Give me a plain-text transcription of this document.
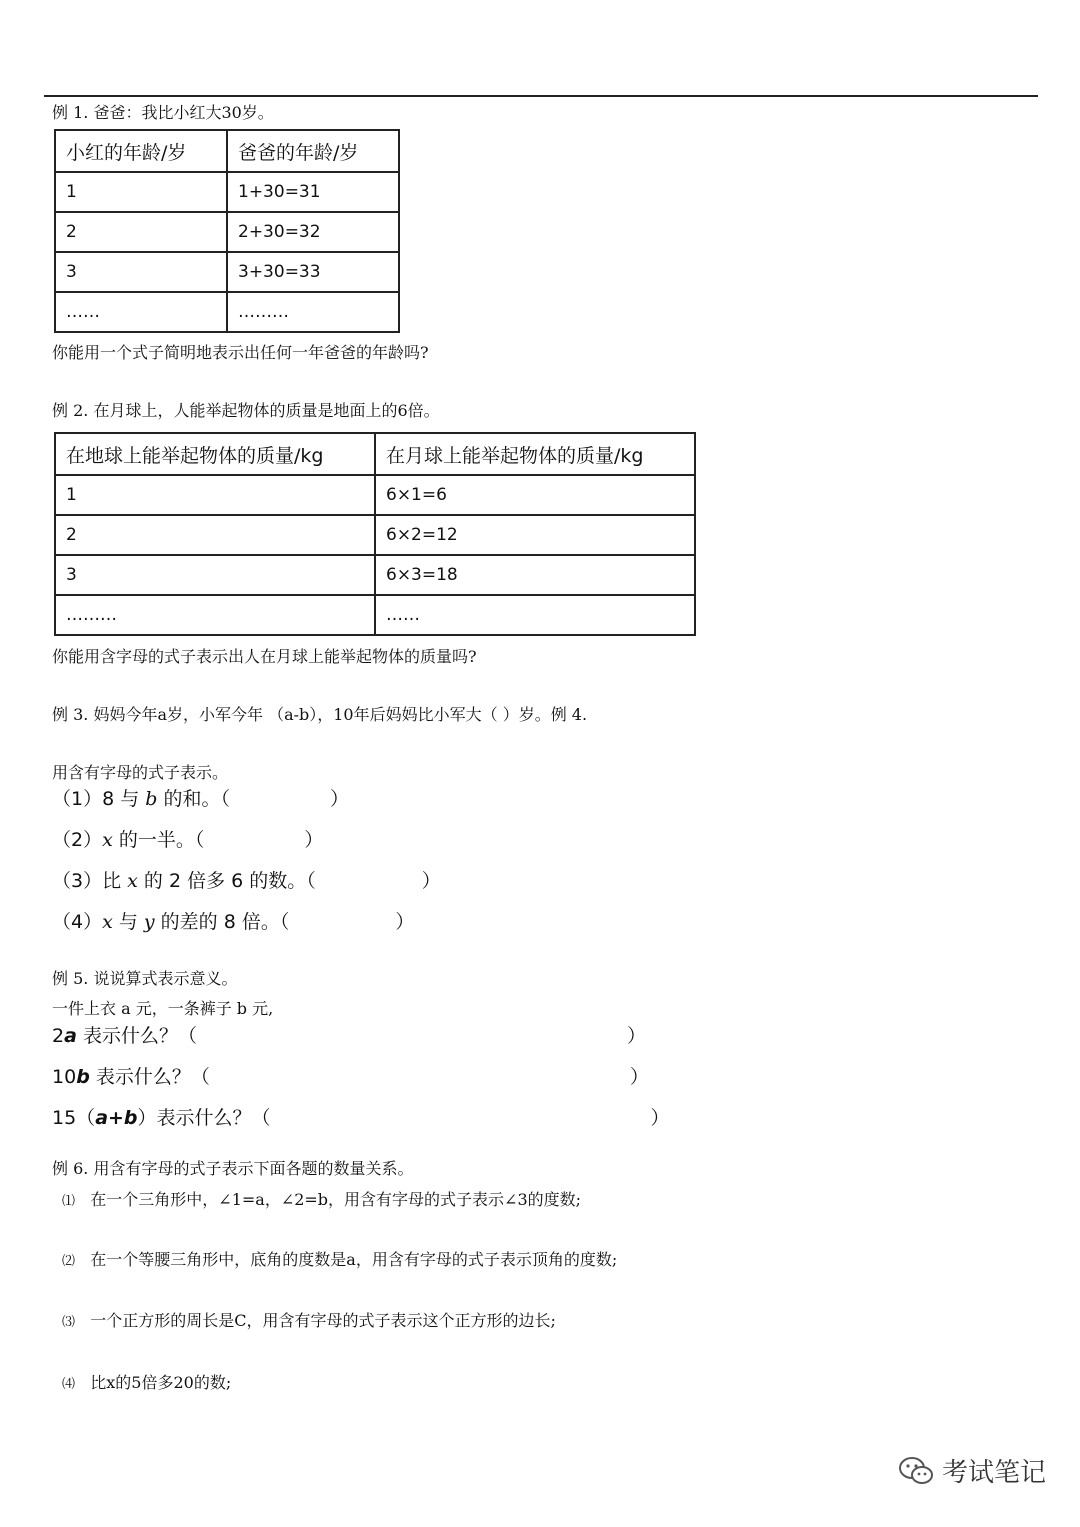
例 1. 爸爸：我比小红大30岁。
小红的年龄/岁	爸爸的年龄/岁
1	1+30=31
2	2+30=32
3	3+30=33
……	………
你能用一个式子简明地表示出任何一年爸爸的年龄吗?
例 2. 在月球上，人能举起物体的质量是地面上的6倍。
在地球上能举起物体的质量/kg	在月球上能举起物体的质量/kg
1	6×1=6
2	6×2=12
3	6×3=18
………	……
你能用含字母的式子表示出人在月球上能举起物体的质量吗?
例 3. 妈妈今年a岁，小军今年 （a-b），10年后妈妈比小军大（ ）岁。例 4.
用含有字母的式子表示。
（1）8 与 b 的和。（	）
（2）x 的一半。（	）
（3）比 x 的 2 倍多 6 的数。（	）
（4）x 与 y 的差的 8 倍。（	）
例 5. 说说算式表示意义。
一件上衣 a 元，一条裤子 b 元,
2a 表示什么？（	）
10b 表示什么？（	）
15（a+b）表示什么？（	）
例 6. 用含有字母的式子表示下面各题的数量关系。
⑴ 在一个三角形中，∠1=a，∠2=b，用含有字母的式子表示∠3的度数;
⑵ 在一个等腰三角形中，底角的度数是a，用含有字母的式子表示顶角的度数;
⑶ 一个正方形的周长是C，用含有字母的式子表示这个正方形的边长;
⑷ 比x的5倍多20的数;
考试笔记
